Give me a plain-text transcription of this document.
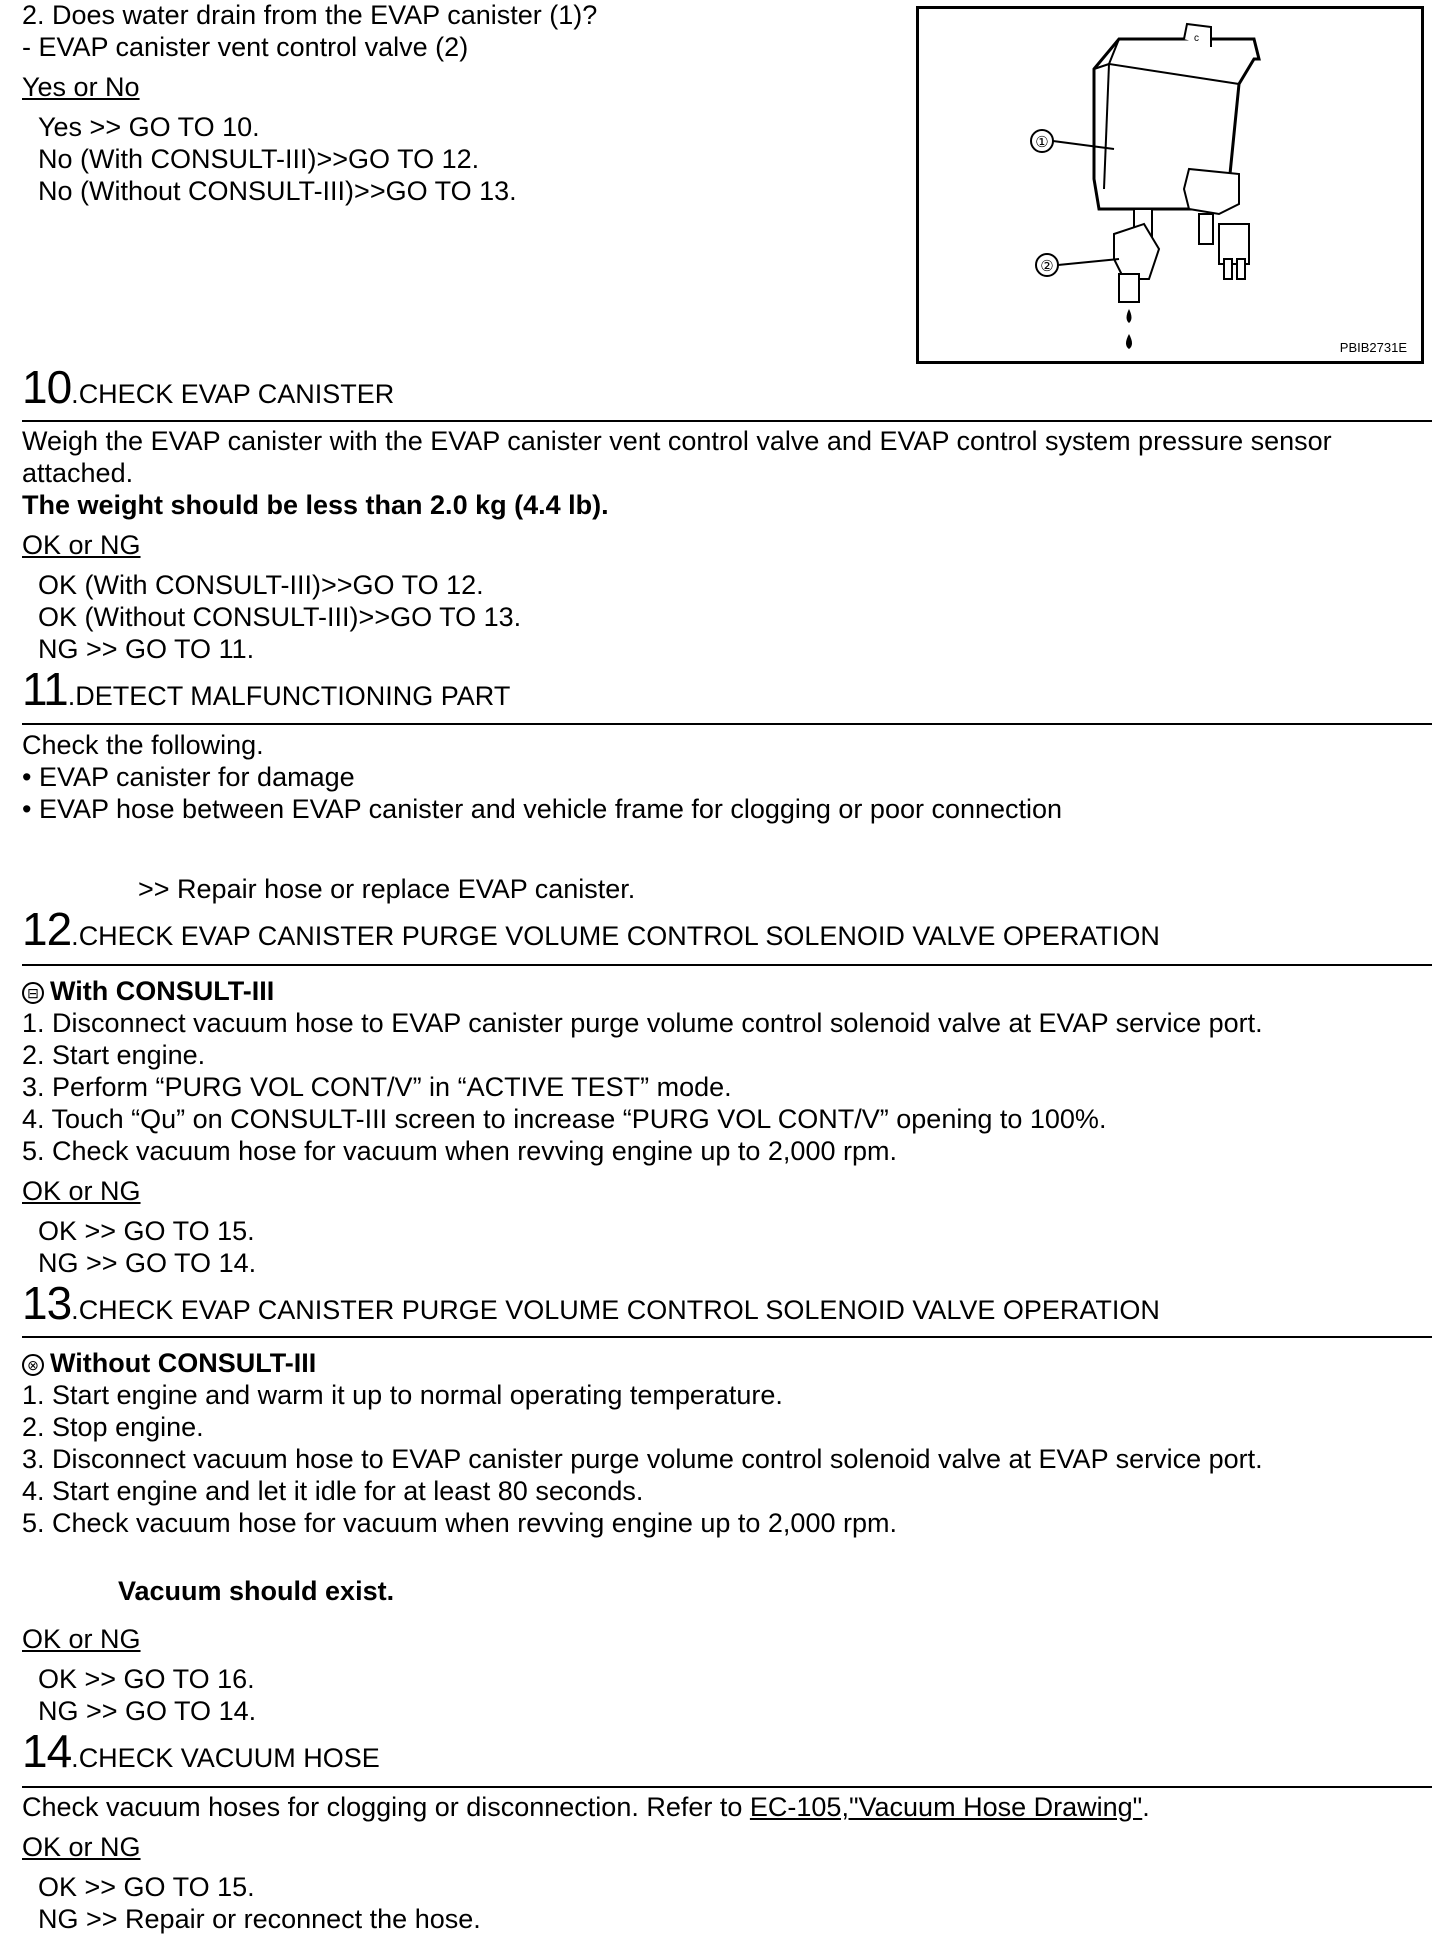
2. Does water drain from the EVAP canister (1)?
- EVAP canister vent control valve (2)
Yes or No
Yes >> GO TO 10.
No (With CONSULT-III)>>GO TO 12.
No (Without CONSULT-III)>>GO TO 13.
c
①
②
PBIB2731E
10.CHECK EVAP CANISTER
Weigh the EVAP canister with the EVAP canister vent control valve and EVAP control system pressure sensor
attached.
The weight should be less than 2.0 kg (4.4 lb).
OK or NG
OK (With CONSULT-III)>>GO TO 12.
OK (Without CONSULT-III)>>GO TO 13.
NG >> GO TO 11.
11.DETECT MALFUNCTIONING PART
Check the following.
• EVAP canister for damage
• EVAP hose between EVAP canister and vehicle frame for clogging or poor connection
>> Repair hose or replace EVAP canister.
12.CHECK EVAP CANISTER PURGE VOLUME CONTROL SOLENOID VALVE OPERATION
⊟ With CONSULT-III
1. Disconnect vacuum hose to EVAP canister purge volume control solenoid valve at EVAP service port.
2. Start engine.
3. Perform “PURG VOL CONT/V” in “ACTIVE TEST” mode.
4. Touch “Qu” on CONSULT-III screen to increase “PURG VOL CONT/V” opening to 100%.
5. Check vacuum hose for vacuum when revving engine up to 2,000 rpm.
OK or NG
OK >> GO TO 15.
NG >> GO TO 14.
13.CHECK EVAP CANISTER PURGE VOLUME CONTROL SOLENOID VALVE OPERATION
⊗ Without CONSULT-III
1. Start engine and warm it up to normal operating temperature.
2. Stop engine.
3. Disconnect vacuum hose to EVAP canister purge volume control solenoid valve at EVAP service port.
4. Start engine and let it idle for at least 80 seconds.
5. Check vacuum hose for vacuum when revving engine up to 2,000 rpm.
Vacuum should exist.
OK or NG
OK >> GO TO 16.
NG >> GO TO 14.
14.CHECK VACUUM HOSE
Check vacuum hoses for clogging or disconnection. Refer to EC-105,"Vacuum Hose Drawing".
OK or NG
OK >> GO TO 15.
NG >> Repair or reconnect the hose.
